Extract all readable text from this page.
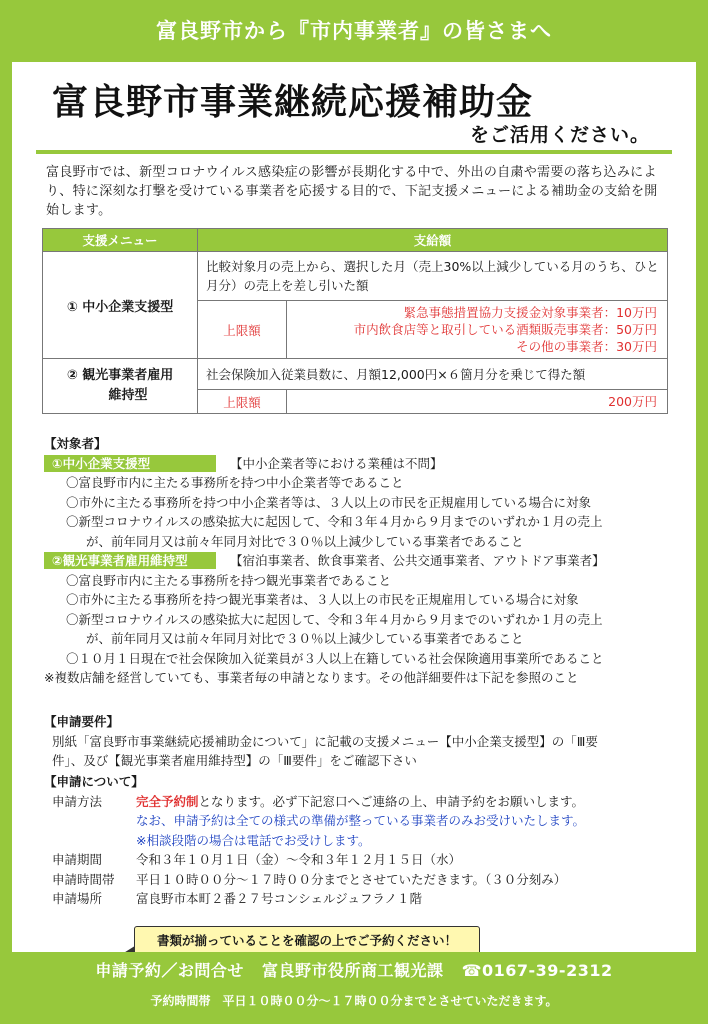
富良野市から『市内事業者』の皆さまへ
富良野市事業継続応援補助金
をご活用ください。
富良野市では、新型コロナウイルス感染症の影響が長期化する中で、外出の自粛や需要の落ち込みにより、特に深刻な打撃を受けている事業者を応援する目的で、下記支援メニューによる補助金の支給を開始します。
支援メニュー	支給額	
① 中小企業支援型	比較対象月の売上から、選択した月（売上30%以上減少している月のうち、ひと月分）の売上を差し引いた額	
	上限額	緊急事態措置協力支援金対象事業者：10万円
市内飲食店等と取引している酒類販売事業者：50万円
その他の事業者：30万円

② 観光事業者雇用
維持型	社会保険加入従業員数に、月額12,000円×６箇月分を乗じて得た額	
	上限額	200万円
【対象者】
①中小企業支援型	【中小企業者等における業種は不問】
〇富良野市内に主たる事務所を持つ中小企業者等であること
〇市外に主たる事務所を持つ中小企業者等は、３人以上の市民を正規雇用している場合に対象
〇新型コロナウイルスの感染拡大に起因して、令和３年４月から９月までのいずれか１月の売上
が、前年同月又は前々年同月対比で３０％以上減少している事業者であること
②観光事業者雇用維持型	【宿泊事業者、飲食事業者、公共交通事業者、アウトドア事業者】
〇富良野市内に主たる事務所を持つ観光事業者であること
〇市外に主たる事務所を持つ観光事業者は、３人以上の市民を正規雇用している場合に対象
〇新型コロナウイルスの感染拡大に起因して、令和３年４月から９月までのいずれか１月の売上
が、前年同月又は前々年同月対比で３０％以上減少している事業者であること
〇１０月１日現在で社会保険加入従業員が３人以上在籍している社会保険適用事業所であること
※複数店舗を経営していても、事業者毎の申請となります。その他詳細要件は下記を参照のこと
【申請要件】
別紙「富良野市事業継続応援補助金について」に記載の支援メニュー【中小企業支援型】の「Ⅲ要
件」、及び【観光事業者雇用維持型】の「Ⅲ要件」をご確認下さい
【申請について】
申請方法	完全予約制となります。必ず下記窓口へご連絡の上、申請予約をお願いします。
なお、申請予約は全ての様式の準備が整っている事業者のみお受けいたします。
※相談段階の場合は電話でお受けします。
申請期間	令和３年１０月１日（金）～令和３年１２月１５日（水）
申請時間帯	平日１０時００分～１７時００分までとさせていただきます。（３０分刻み）
申請場所	富良野市本町２番２７号コンシェルジュフラノ１階
書類が揃っていることを確認の上でご予約ください！
申請予約／お問合せ 富良野市役所商工観光課 ☎0167-39-2312
予約時間帯　平日１０時００分～１７時００分までとさせていただきます。
